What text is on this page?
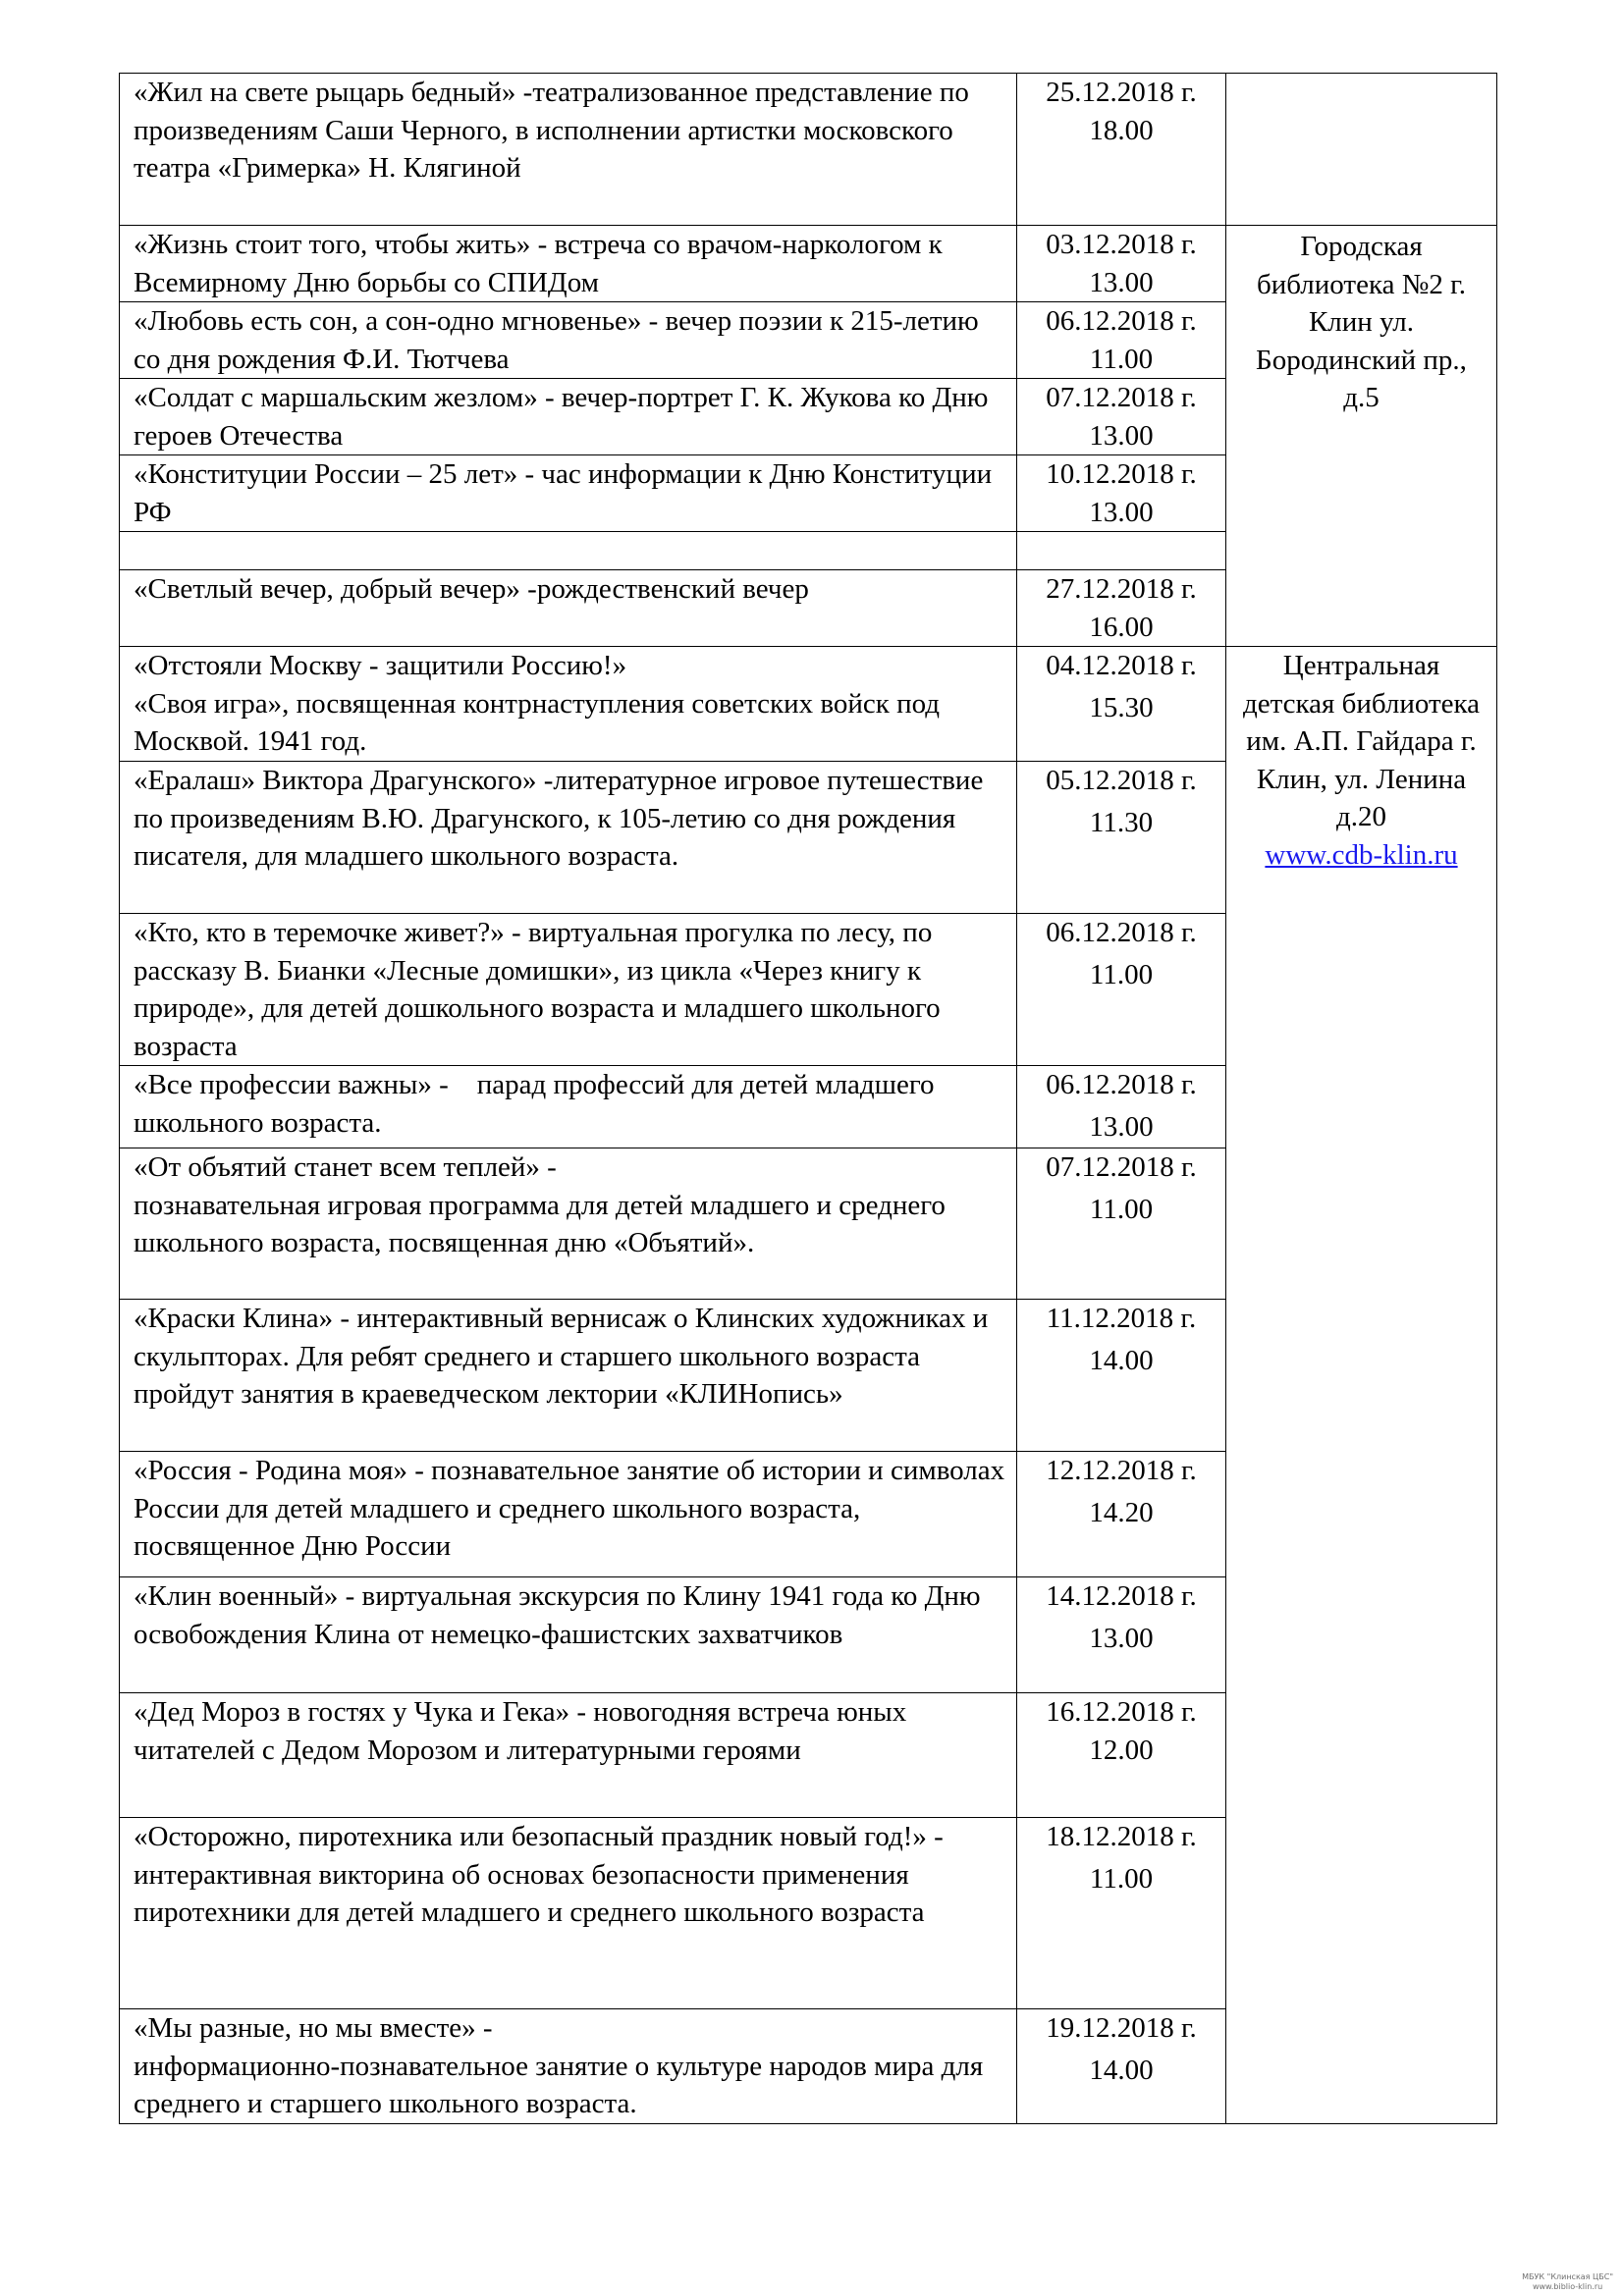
«Жил на свете рыцарь бедный» -театрализованное представление по произведениям Саши Черного, в исполнении артистки московского театра «Гримерка» Н. Клягиной	25.12.2018 г.
18.00	

«Жизнь стоит того, чтобы жить» - встреча со врачом-наркологом к Всемирному Дню борьбы со СПИДом	03.12.2018 г.
13.00	Городская библиотека №2 г. Клин ул. Бородинский пр., д.5

«Любовь есть сон, а сон-одно мгновенье» - вечер поэзии к 215-летию со дня рождения Ф.И. Тютчева	06.12.2018 г.
11.00	

«Солдат с маршальским жезлом» - вечер-портрет Г. К. Жукова ко Дню героев Отечества	07.12.2018 г.
13.00	

«Конституции России – 25 лет» - час информации к Дню Конституции РФ	10.12.2018 г.
13.00	

«Светлый вечер, добрый вечер» -рождественский вечер	27.12.2018 г.
16.00	

«Отстояли Москву - защитили Россию!»
«Своя игра», посвященная контрнаступления советских войск под Москвой. 1941 год.	04.12.2018 г.
15.30	Центральная детская библиотека им. А.П. Гайдара г. Клин, ул. Ленина д.20
www.cdb-klin.ru

«Ералаш» Виктора Драгунского» -литературное игровое путешествие по произведениям В.Ю. Драгунского, к 105-летию со дня рождения писателя, для младшего школьного возраста.	05.12.2018 г.
11.30	

«Кто, кто в теремочке живет?» - виртуальная прогулка по лесу, по рассказу В. Бианки «Лесные домишки», из цикла «Через книгу к природе», для детей дошкольного возраста и младшего школьного возраста	06.12.2018 г.
11.00	

«Все профессии важны» -    парад профессий для детей младшего школьного возраста.	06.12.2018 г.
13.00	

«От объятий станет всем теплей» -
познавательная игровая программа для детей младшего и среднего школьного возраста, посвященная дню «Объятий».	07.12.2018 г.
11.00	

«Краски Клина» - интерактивный вернисаж о Клинских художниках и скульпторах. Для ребят среднего и старшего школьного возраста пройдут занятия в краеведческом лектории «КЛИНопись»	11.12.2018 г.
14.00	

«Россия - Родина моя» - познавательное занятие об истории и символах России для детей младшего и среднего школьного возраста, посвященное Дню России	12.12.2018 г.
14.20	

«Клин военный» - виртуальная экскурсия по Клину 1941 года ко Дню освобождения Клина от немецко-фашистских захватчиков	14.12.2018 г.
13.00	

«Дед Мороз в гостях у Чука и Гека» - новогодняя встреча юных читателей с Дедом Морозом и литературными героями	16.12.2018 г.
12.00	

«Осторожно, пиротехника или безопасный праздник новый год!» -
интерактивная викторина об основах безопасности применения пиротехники для детей младшего и среднего школьного возраста	18.12.2018 г.
11.00	

«Мы разные, но мы вместе» -
информационно-познавательное занятие о культуре народов мира для среднего и старшего школьного возраста.	19.12.2018 г.
14.00	
МБУК "Клинская ЦБС"
www.biblio-klin.ru
